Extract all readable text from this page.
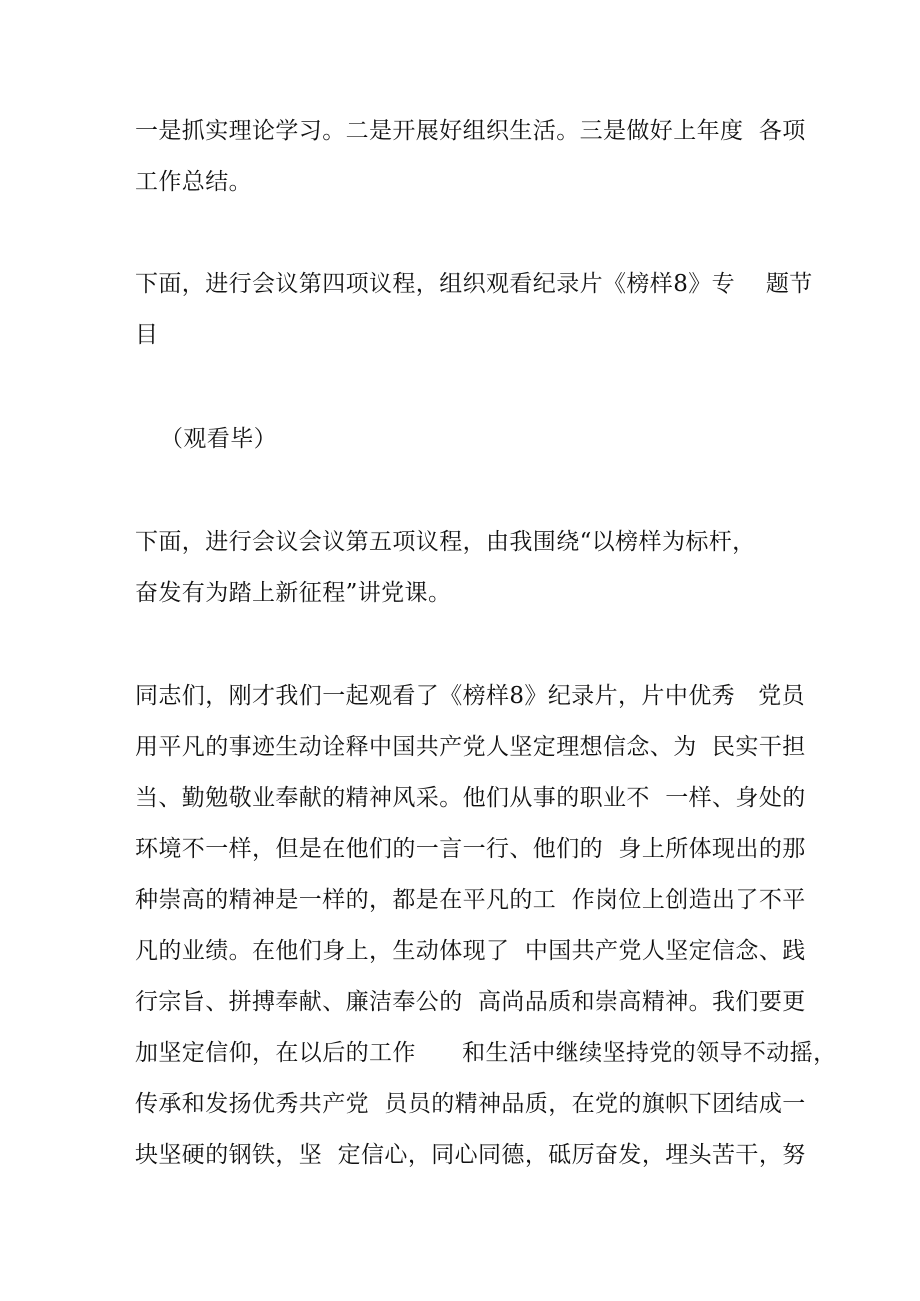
一是抓实理论学习。二是开展好组织生活。三是做好上年度  各项
工作总结。
下面，进行会议第四项议程，组织观看纪录片《榜样8》专    题节
目
（观看毕）
下面，进行会议会议第五项议程，由我围绕“以榜样为标杆，
奋发有为踏上新征程”讲党课。
同志们，刚才我们一起观看了《榜样8》纪录片，片中优秀   党员
用平凡的事迹生动诠释中国共产党人坚定理想信念、为  民实干担
当、勤勉敬业奉献的精神风采。他们从事的职业不  一样、身处的
环境不一样，但是在他们的一言一行、他们的  身上所体现出的那
种崇高的精神是一样的，都是在平凡的工  作岗位上创造出了不平
凡的业绩。在他们身上，生动体现了  中国共产党人坚定信念、践
行宗旨、拼搏奉献、廉洁奉公的  高尚品质和崇高精神。我们要更
加坚定信仰，在以后的工作      和生活中继续坚持党的领导不动摇，
传承和发扬优秀共产党  员员的精神品质，在党的旗帜下团结成一
块坚硬的钢铁，坚  定信心，同心同德，砥厉奋发，埋头苦干，努
